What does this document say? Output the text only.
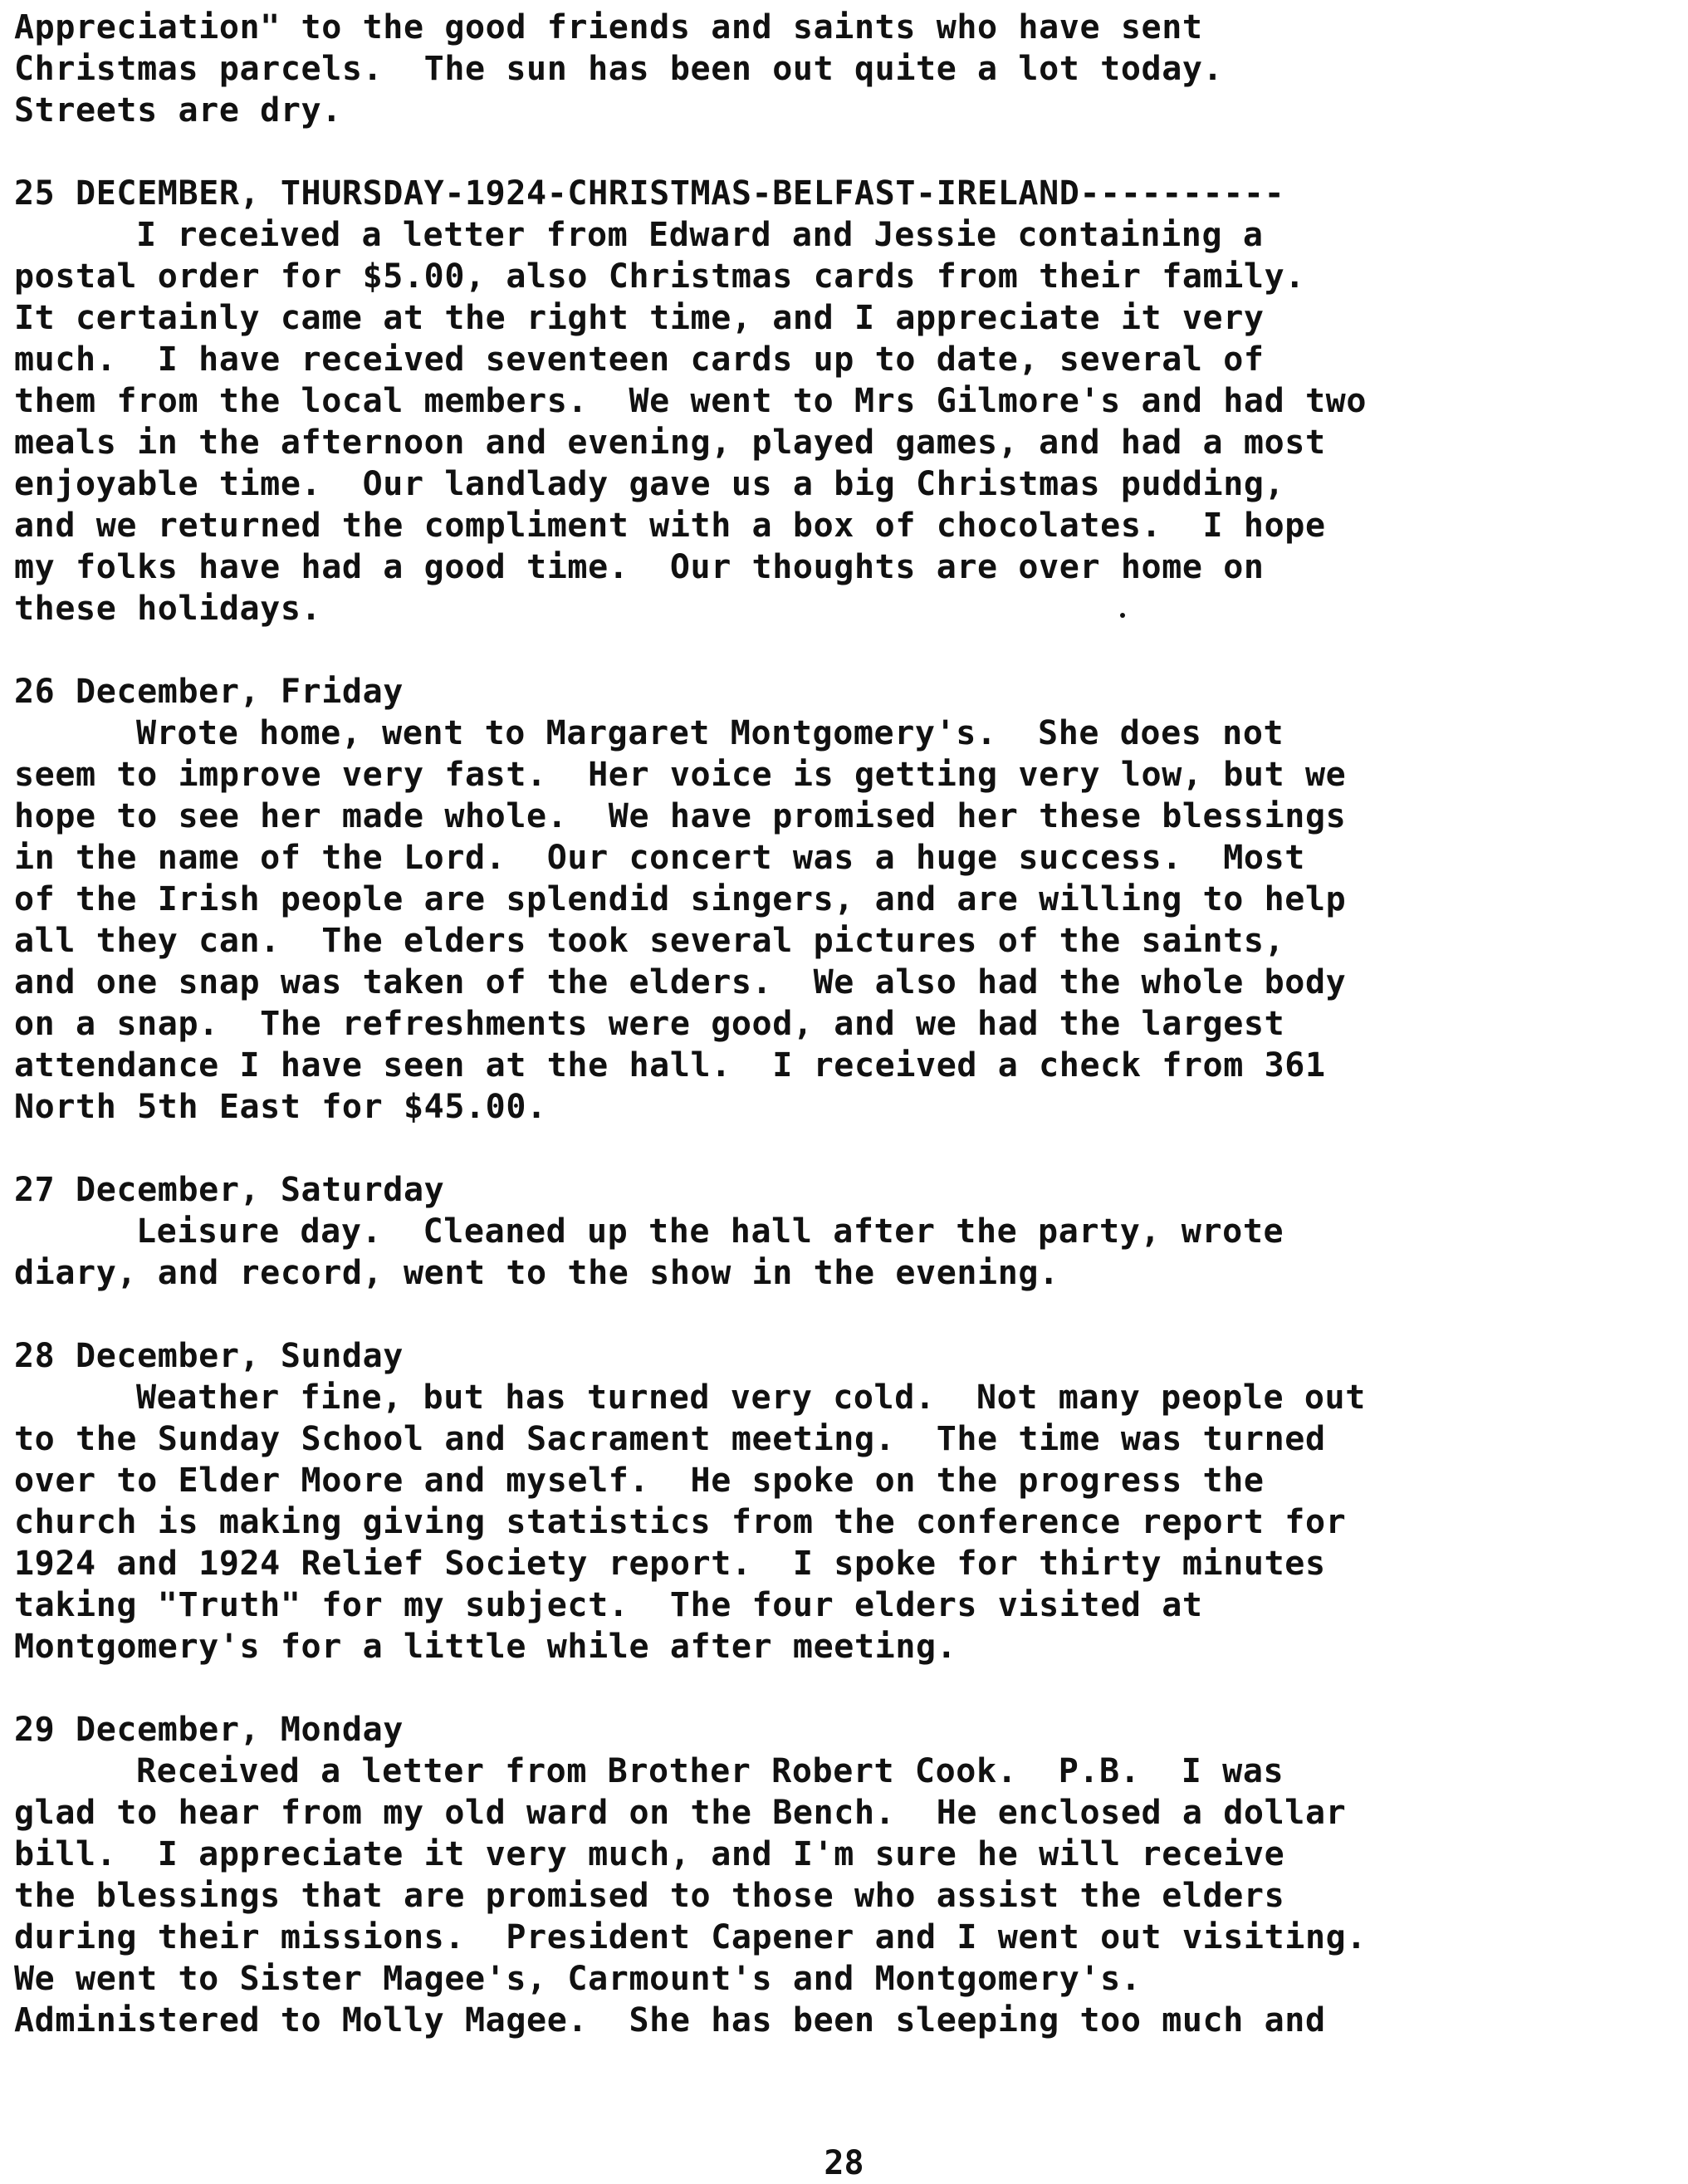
Appreciation" to the good friends and saints who have sent
Christmas parcels.  The sun has been out quite a lot today.
Streets are dry.
25 DECEMBER, THURSDAY-1924-CHRISTMAS-BELFAST-IRELAND----------
I received a letter from Edward and Jessie containing a
postal order for $5.00, also Christmas cards from their family.
It certainly came at the right time, and I appreciate it very
much.  I have received seventeen cards up to date, several of
them from the local members.  We went to Mrs Gilmore's and had two
meals in the afternoon and evening, played games, and had a most
enjoyable time.  Our landlady gave us a big Christmas pudding,
and we returned the compliment with a box of chocolates.  I hope
my folks have had a good time.  Our thoughts are over home on
these holidays.
26 December, Friday
Wrote home, went to Margaret Montgomery's.  She does not
seem to improve very fast.  Her voice is getting very low, but we
hope to see her made whole.  We have promised her these blessings
in the name of the Lord.  Our concert was a huge success.  Most
of the Irish people are splendid singers, and are willing to help
all they can.  The elders took several pictures of the saints,
and one snap was taken of the elders.  We also had the whole body
on a snap.  The refreshments were good, and we had the largest
attendance I have seen at the hall.  I received a check from 361
North 5th East for $45.00.
27 December, Saturday
Leisure day.  Cleaned up the hall after the party, wrote
diary, and record, went to the show in the evening.
28 December, Sunday
Weather fine, but has turned very cold.  Not many people out
to the Sunday School and Sacrament meeting.  The time was turned
over to Elder Moore and myself.  He spoke on the progress the
church is making giving statistics from the conference report for
1924 and 1924 Relief Society report.  I spoke for thirty minutes
taking "Truth" for my subject.  The four elders visited at
Montgomery's for a little while after meeting.
29 December, Monday
Received a letter from Brother Robert Cook.  P.B.  I was
glad to hear from my old ward on the Bench.  He enclosed a dollar
bill.  I appreciate it very much, and I'm sure he will receive
the blessings that are promised to those who assist the elders
during their missions.  President Capener and I went out visiting.
We went to Sister Magee's, Carmount's and Montgomery's.
Administered to Molly Magee.  She has been sleeping too much and
28
